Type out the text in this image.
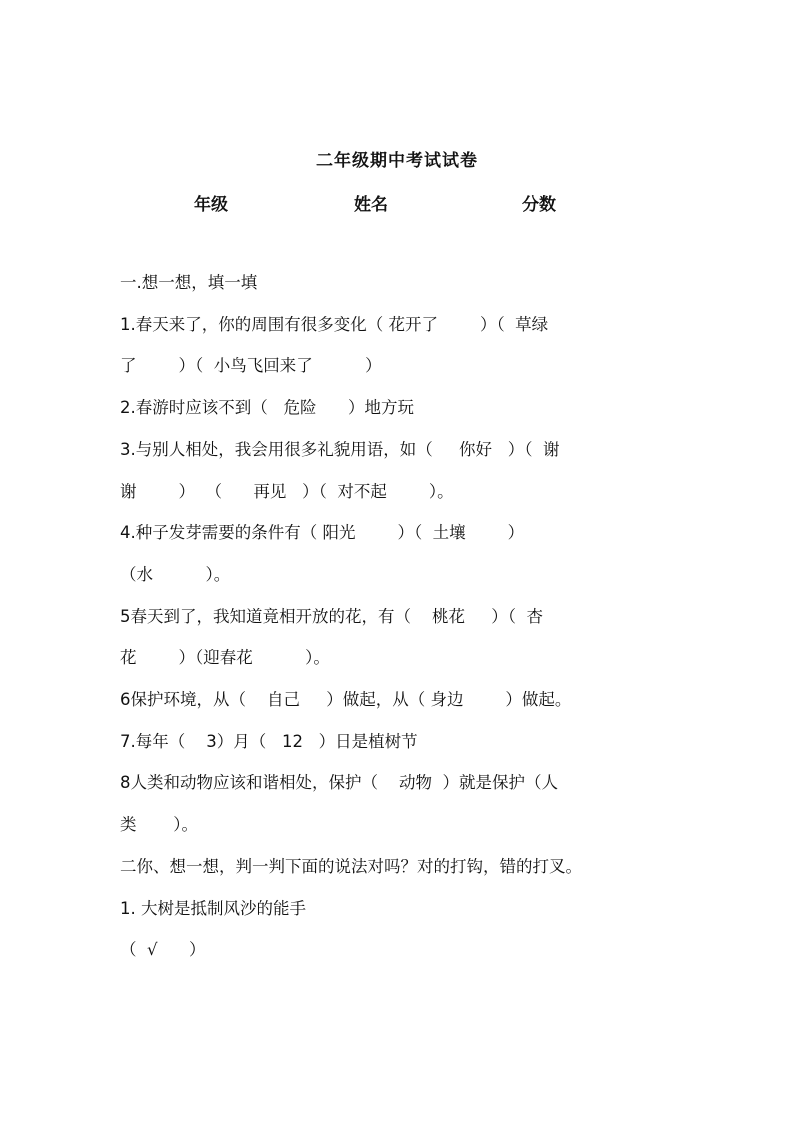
二年级期中考试试卷
年级	姓名	分数
一.想一想，填一填
1.春天来了，你的周围有很多变化（ 花开了        ）（  草绿
了        ）（  小鸟飞回来了          ）
2.春游时应该不到（   危险      ）地方玩
3.与别人相处，我会用很多礼貌用语，如（     你好   ）（  谢
谢        ）  （      再见   ）（  对不起        ）。
4.种子发芽需要的条件有（ 阳光        ）（  土壤        ）
（水          ）。
5春天到了，我知道竟相开放的花，有（    桃花     ）（  杏
花        ）（迎春花          ）。
6保护环境，从（    自己     ）做起，从（ 身边        ）做起。
7.每年（    3）月（   12   ）日是植树节
8人类和动物应该和谐相处，保护（    动物  ）就是保护（人
类       ）。
二你、想一想，判一判下面的说法对吗？对的打钩，错的打叉。
1. 大树是抵制风沙的能手
（  √      ）
